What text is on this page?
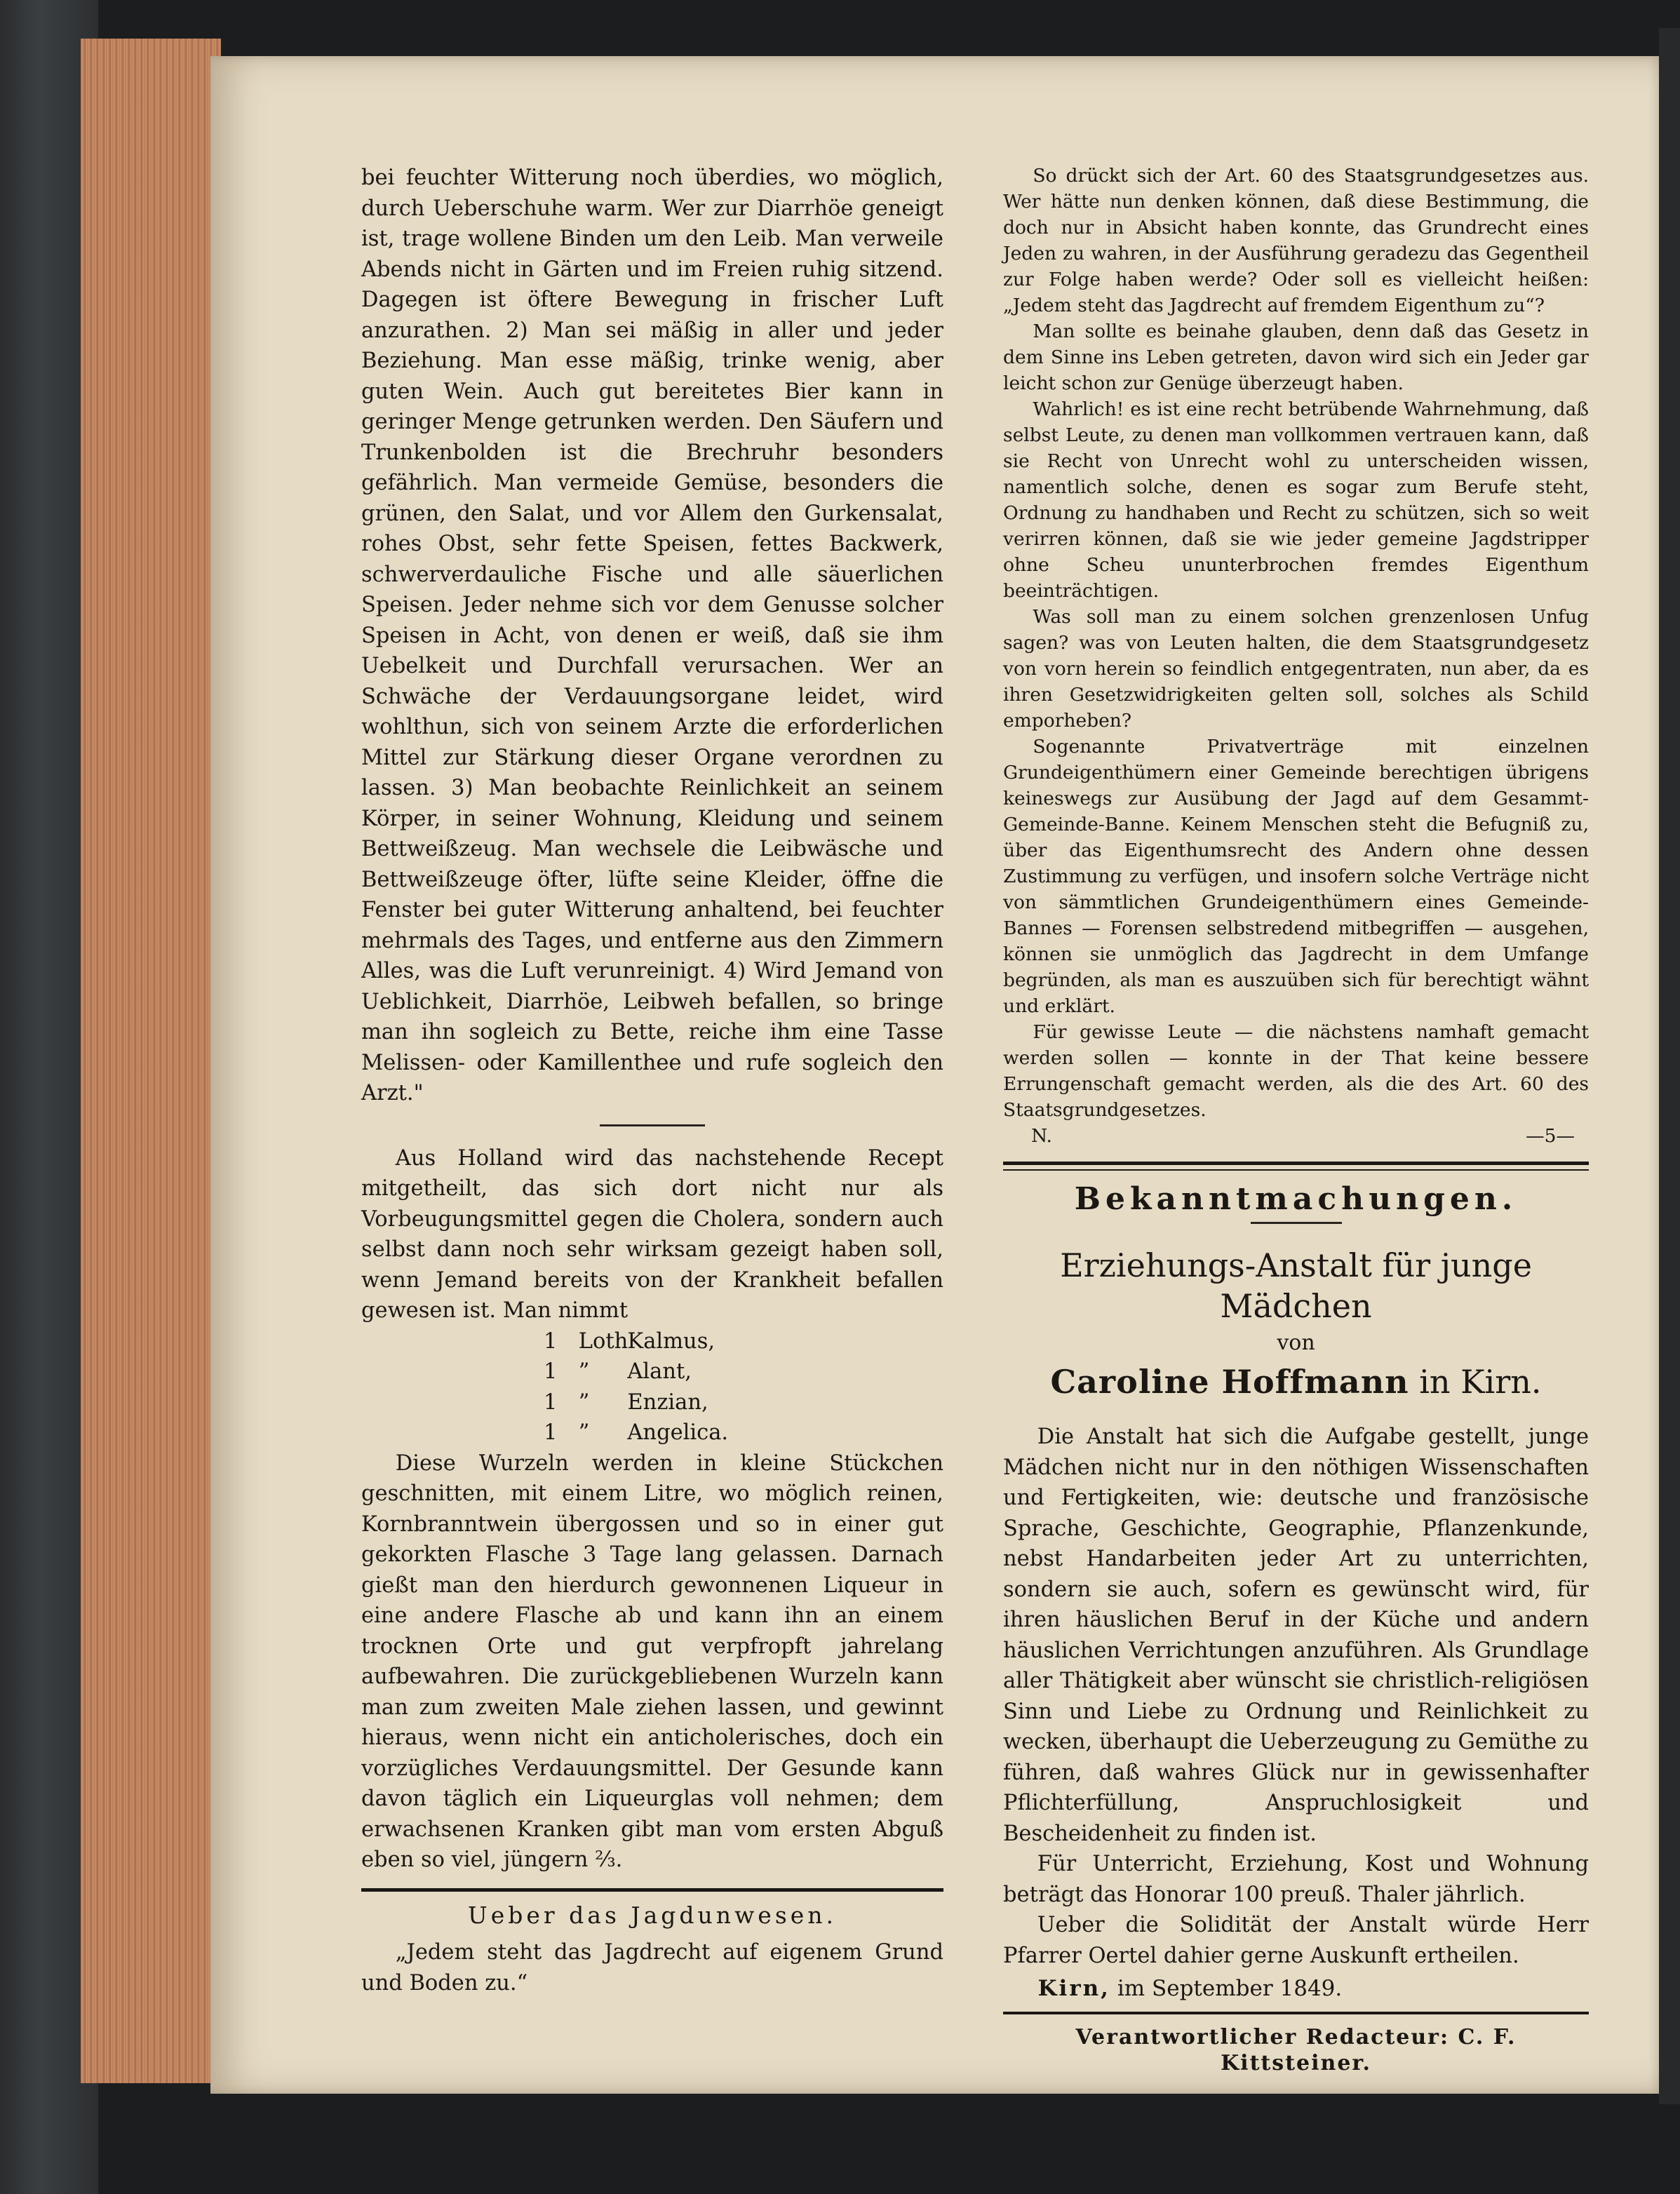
bei feuchter Witterung noch überdies, wo möglich, durch Ueberschuhe warm. Wer zur Diarrhöe geneigt ist, trage wollene Binden um den Leib. Man verweile Abends nicht in Gärten und im Freien ruhig sitzend. Dagegen ist öftere Bewegung in frischer Luft anzurathen. 2) Man sei mäßig in aller und jeder Beziehung. Man esse mäßig, trinke wenig, aber guten Wein. Auch gut bereitetes Bier kann in geringer Menge getrunken werden. Den Säufern und Trunkenbolden ist die Brechruhr besonders gefährlich. Man vermeide Gemüse, besonders die grünen, den Salat, und vor Allem den Gurkensalat, rohes Obst, sehr fette Speisen, fettes Backwerk, schwerverdauliche Fische und alle säuerlichen Speisen. Jeder nehme sich vor dem Genusse solcher Speisen in Acht, von denen er weiß, daß sie ihm Uebelkeit und Durchfall verursachen. Wer an Schwäche der Verdauungsorgane leidet, wird wohlthun, sich von seinem Arzte die erforderlichen Mittel zur Stärkung dieser Organe verordnen zu lassen. 3) Man beobachte Reinlichkeit an seinem Körper, in seiner Wohnung, Kleidung und seinem Bettweißzeug. Man wechsele die Leibwäsche und Bettweißzeuge öfter, lüfte seine Kleider, öffne die Fenster bei guter Witterung anhaltend, bei feuchter mehrmals des Tages, und entferne aus den Zimmern Alles, was die Luft verunreinigt. 4) Wird Jemand von Ueblichkeit, Diarrhöe, Leibweh befallen, so bringe man ihn sogleich zu Bette, reiche ihm eine Tasse Melissen- oder Kamillenthee und rufe sogleich den Arzt."

Aus Holland wird das nachstehende Recept mitgetheilt, das sich dort nicht nur als Vorbeugungsmittel gegen die Cholera, sondern auch selbst dann noch sehr wirksam gezeigt haben soll, wenn Jemand bereits von der Krankheit befallen gewesen ist. Man nimmt

1 Loth Kalmus,
1 ” Alant,
1 ” Enzian,
1 ” Angelica.

Diese Wurzeln werden in kleine Stückchen geschnitten, mit einem Litre, wo möglich reinen, Kornbranntwein übergossen und so in einer gut gekorkten Flasche 3 Tage lang gelassen. Darnach gießt man den hierdurch gewonnenen Liqueur in eine andere Flasche ab und kann ihn an einem trocknen Orte und gut verpfropft jahrelang aufbewahren. Die zurückgebliebenen Wurzeln kann man zum zweiten Male ziehen lassen, und gewinnt hieraus, wenn nicht ein anticholerisches, doch ein vorzügliches Verdauungsmittel. Der Gesunde kann davon täglich ein Liqueurglas voll nehmen; dem erwachsenen Kranken gibt man vom ersten Abguß eben so viel, jüngern ⅔.

Ueber das Jagdunwesen.

„Jedem steht das Jagdrecht auf eigenem Grund und Boden zu.“

So drückt sich der Art. 60 des Staatsgrundgesetzes aus. Wer hätte nun denken können, daß diese Bestimmung, die doch nur in Absicht haben konnte, das Grundrecht eines Jeden zu wahren, in der Ausführung geradezu das Gegentheil zur Folge haben werde? Oder soll es vielleicht heißen: „Jedem steht das Jagdrecht auf fremdem Eigenthum zu“?

Man sollte es beinahe glauben, denn daß das Gesetz in dem Sinne ins Leben getreten, davon wird sich ein Jeder gar leicht schon zur Genüge überzeugt haben.

Wahrlich! es ist eine recht betrübende Wahrnehmung, daß selbst Leute, zu denen man vollkommen vertrauen kann, daß sie Recht von Unrecht wohl zu unterscheiden wissen, namentlich solche, denen es sogar zum Berufe steht, Ordnung zu handhaben und Recht zu schützen, sich so weit verirren können, daß sie wie jeder gemeine Jagdstripper ohne Scheu ununterbrochen fremdes Eigenthum beeinträchtigen.

Was soll man zu einem solchen grenzenlosen Unfug sagen? was von Leuten halten, die dem Staatsgrundgesetz von vorn herein so feindlich entgegentraten, nun aber, da es ihren Gesetzwidrigkeiten gelten soll, solches als Schild emporheben?

Sogenannte Privatverträge mit einzelnen Grundeigenthümern einer Gemeinde berechtigen übrigens keineswegs zur Ausübung der Jagd auf dem Gesammt-Gemeinde-Banne. Keinem Menschen steht die Befugniß zu, über das Eigenthumsrecht des Andern ohne dessen Zustimmung zu verfügen, und insofern solche Verträge nicht von sämmtlichen Grundeigenthümern eines Gemeinde-Bannes — Forensen selbstredend mitbegriffen — ausgehen, können sie unmöglich das Jagdrecht in dem Umfange begründen, als man es auszuüben sich für berechtigt wähnt und erklärt.

Für gewisse Leute — die nächstens namhaft gemacht werden sollen — konnte in der That keine bessere Errungenschaft gemacht werden, als die des Art. 60 des Staatsgrundgesetzes.

N.	—5—
Bekanntmachungen.
Erziehungs-Anstalt für junge Mädchen
von
Caroline Hoffmann in Kirn.

Die Anstalt hat sich die Aufgabe gestellt, junge Mädchen nicht nur in den nöthigen Wissenschaften und Fertigkeiten, wie: deutsche und französische Sprache, Geschichte, Geographie, Pflanzenkunde, nebst Handarbeiten jeder Art zu unterrichten, sondern sie auch, sofern es gewünscht wird, für ihren häuslichen Beruf in der Küche und andern häuslichen Verrichtungen anzuführen. Als Grundlage aller Thätigkeit aber wünscht sie christlich-religiösen Sinn und Liebe zu Ordnung und Reinlichkeit zu wecken, überhaupt die Ueberzeugung zu Gemüthe zu führen, daß wahres Glück nur in gewissenhafter Pflichterfüllung, Anspruchlosigkeit und Bescheidenheit zu finden ist.

Für Unterricht, Erziehung, Kost und Wohnung beträgt das Honorar 100 preuß. Thaler jährlich.

Ueber die Solidität der Anstalt würde Herr Pfarrer Oertel dahier gerne Auskunft ertheilen.

Kirn, im September 1849.
Verantwortlicher Redacteur: C. F. Kittsteiner.
